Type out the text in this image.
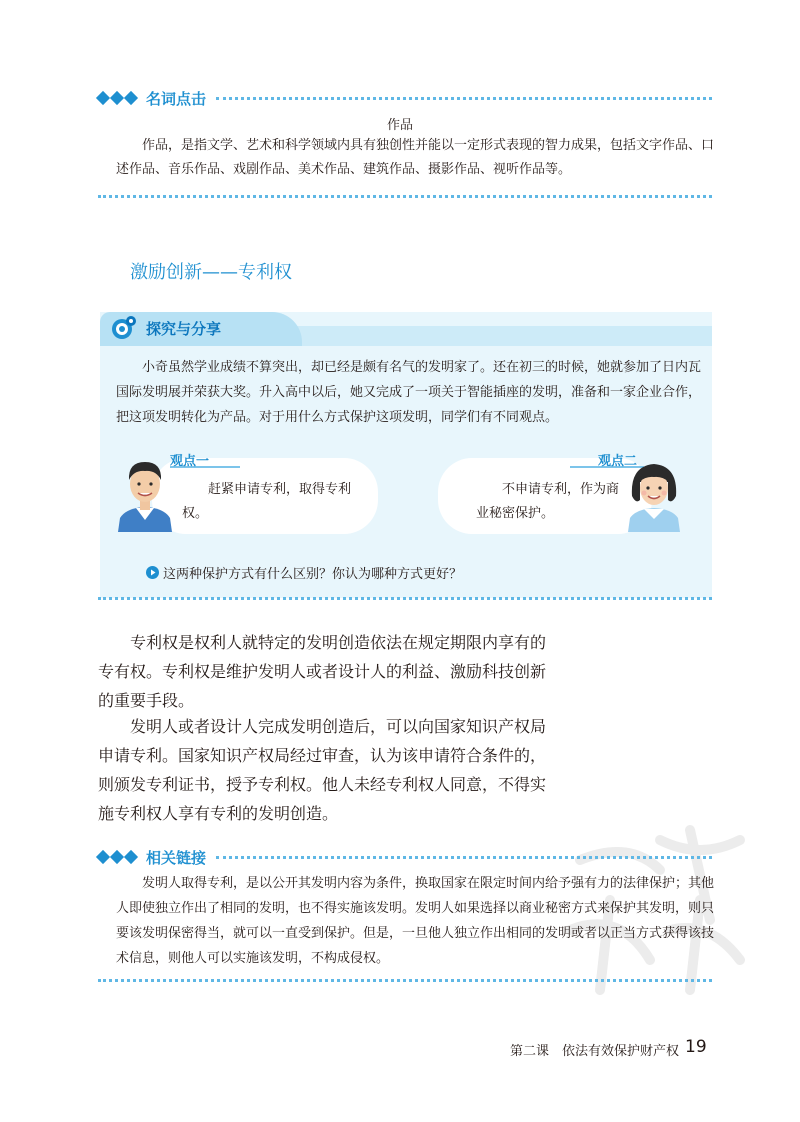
名词点击
作品

作品，是指文学、艺术和科学领域内具有独创性并能以一定形式表现的智力成果，包括文字作品、口述作品、音乐作品、戏剧作品、美术作品、建筑作品、摄影作品、视听作品等。

激励创新——专利权
探究与分享

小奇虽然学业成绩不算突出，却已经是颇有名气的发明家了。还在初三的时候，她就参加了日内瓦国际发明展并荣获大奖。升入高中以后，她又完成了一项关于智能插座的发明，准备和一家企业合作，把这项发明转化为产品。对于用什么方式保护这项发明，同学们有不同观点。

观点一	观点二

赶紧申请专利，取得专利权。

不申请专利，作为商业秘密保护。

这两种保护方式有什么区别？你认为哪种方式更好？

专利权是权利人就特定的发明创造依法在规定期限内享有的专有权。专利权是维护发明人或者设计人的利益、激励科技创新的重要手段。

发明人或者设计人完成发明创造后，可以向国家知识产权局申请专利。国家知识产权局经过审查，认为该申请符合条件的，则颁发专利证书，授予专利权。他人未经专利权人同意，不得实施专利权人享有专利的发明创造。

相关链接

发明人取得专利，是以公开其发明内容为条件，换取国家在限定时间内给予强有力的法律保护；其他人即使独立作出了相同的发明，也不得实施该发明。发明人如果选择以商业秘密方式来保护其发明，则只要该发明保密得当，就可以一直受到保护。但是，一旦他人独立作出相同的发明或者以正当方式获得该技术信息，则他人可以实施该发明，不构成侵权。

第二课　依法有效保护财产权 19
